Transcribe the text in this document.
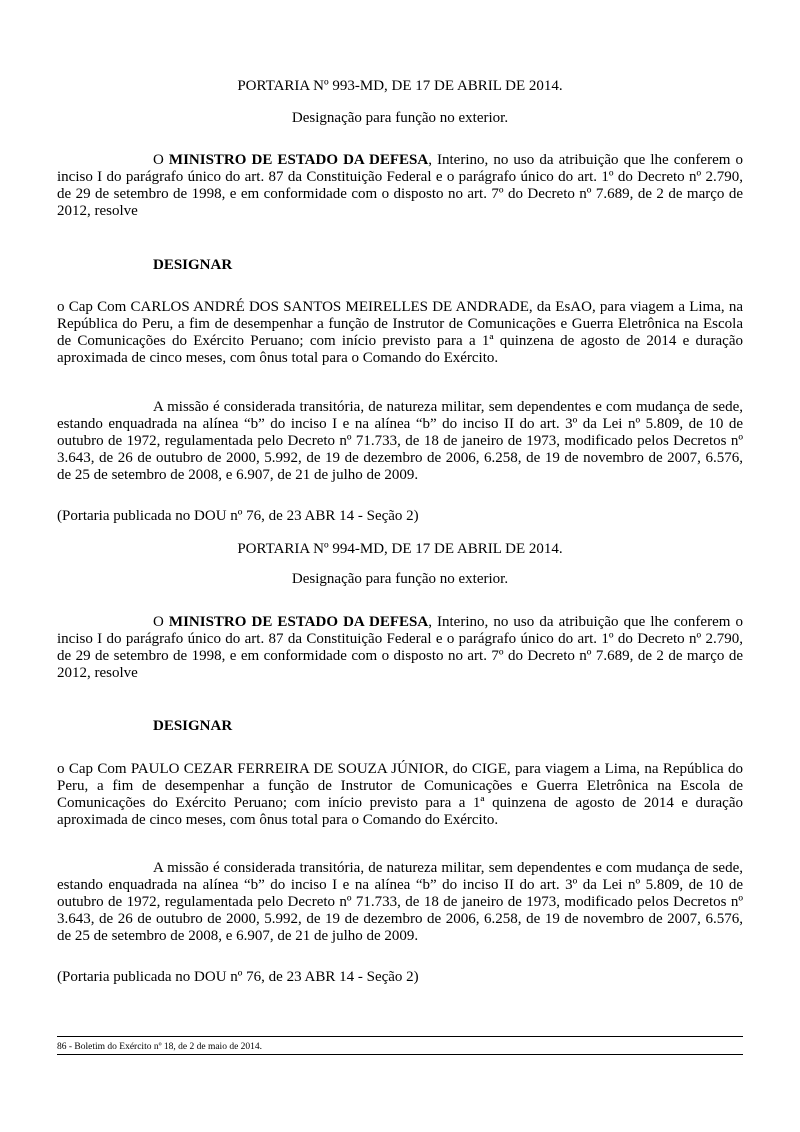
PORTARIA Nº 993-MD, DE 17 DE ABRIL DE 2014.
Designação para função no exterior.
O MINISTRO DE ESTADO DA DEFESA, Interino, no uso da atribuição que lhe conferem o inciso I do parágrafo único do art. 87 da Constituição Federal e o parágrafo único do art. 1º do Decreto nº 2.790, de 29 de setembro de 1998, e em conformidade com o disposto no art. 7º do Decreto nº 7.689, de 2 de março de 2012, resolve
DESIGNAR
o Cap Com CARLOS ANDRÉ DOS SANTOS MEIRELLES DE ANDRADE, da EsAO, para viagem a Lima, na República do Peru, a fim de desempenhar a função de Instrutor de Comunicações e Guerra Eletrônica na Escola de Comunicações do Exército Peruano; com início previsto para a 1ª quinzena de agosto de 2014 e duração aproximada de cinco meses, com ônus total para o Comando do Exército.
A missão é considerada transitória, de natureza militar, sem dependentes e com mudança de sede, estando enquadrada na alínea “b” do inciso I e na alínea “b” do inciso II do art. 3º da Lei nº 5.809, de 10 de outubro de 1972, regulamentada pelo Decreto nº 71.733, de 18 de janeiro de 1973, modificado pelos Decretos nº 3.643, de 26 de outubro de 2000, 5.992, de 19 de dezembro de 2006, 6.258, de 19 de novembro de 2007, 6.576, de 25 de setembro de 2008, e 6.907, de 21 de julho de 2009.
(Portaria publicada no DOU nº 76, de 23 ABR 14 - Seção 2)
PORTARIA Nº 994-MD, DE 17 DE ABRIL DE 2014.
Designação para função no exterior.
O MINISTRO DE ESTADO DA DEFESA, Interino, no uso da atribuição que lhe conferem o inciso I do parágrafo único do art. 87 da Constituição Federal e o parágrafo único do art. 1º do Decreto nº 2.790, de 29 de setembro de 1998, e em conformidade com o disposto no art. 7º do Decreto nº 7.689, de 2 de março de 2012, resolve
DESIGNAR
o Cap Com PAULO CEZAR FERREIRA DE SOUZA JÚNIOR, do CIGE, para viagem a Lima, na República do Peru, a fim de desempenhar a função de Instrutor de Comunicações e Guerra Eletrônica na Escola de Comunicações do Exército Peruano; com início previsto para a 1ª quinzena de agosto de 2014 e duração aproximada de cinco meses, com ônus total para o Comando do Exército.
A missão é considerada transitória, de natureza militar, sem dependentes e com mudança de sede, estando enquadrada na alínea “b” do inciso I e na alínea “b” do inciso II do art. 3º da Lei nº 5.809, de 10 de outubro de 1972, regulamentada pelo Decreto nº 71.733, de 18 de janeiro de 1973, modificado pelos Decretos nº 3.643, de 26 de outubro de 2000, 5.992, de 19 de dezembro de 2006, 6.258, de 19 de novembro de 2007, 6.576, de 25 de setembro de 2008, e 6.907, de 21 de julho de 2009.
(Portaria publicada no DOU nº 76, de 23 ABR 14 - Seção 2)
86 - Boletim do Exército nº 18, de 2 de maio de 2014.
